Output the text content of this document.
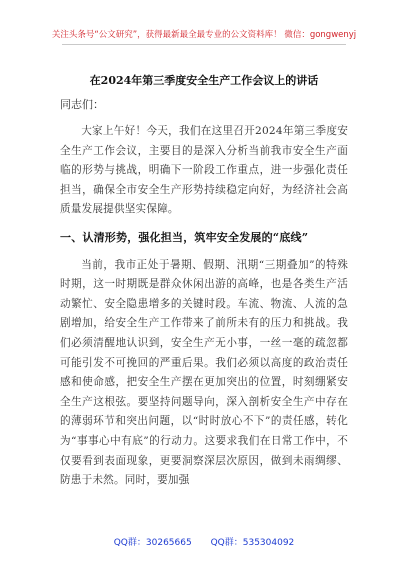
关注头条号“公文研究”，获得最新最全最专业的公文资料库！ 微信：gongwenyj
在2024年第三季度安全生产工作会议上的讲话
同志们：

大家上午好！今天，我们在这里召开2024年第三季度安全生产工作会议，主要目的是深入分析当前我市安全生产面临的形势与挑战，明确下一阶段工作重点，进一步强化责任担当，确保全市安全生产形势持续稳定向好，为经济社会高质量发展提供坚实保障。

一、认清形势，强化担当，筑牢安全发展的“底线”

当前，我市正处于暑期、假期、汛期“三期叠加”的特殊时期，这一时期既是群众休闲出游的高峰，也是各类生产活动繁忙、安全隐患增多的关键时段。车流、物流、人流的急剧增加，给安全生产工作带来了前所未有的压力和挑战。我们必须清醒地认识到，安全生产无小事，一丝一毫的疏忽都可能引发不可挽回的严重后果。我们必须以高度的政治责任感和使命感，把安全生产摆在更加突出的位置，时刻绷紧安全生产这根弦。要坚持问题导向，深入剖析安全生产中存在的薄弱环节和突出问题，以“时时放心不下”的责任感，转化为“事事心中有底”的行动力。这要求我们在日常工作中，不仅要看到表面现象，更要洞察深层次原因，做到未雨绸缪、防患于未然。同时，要加强

QQ群：30265665 QQ群：535304092
